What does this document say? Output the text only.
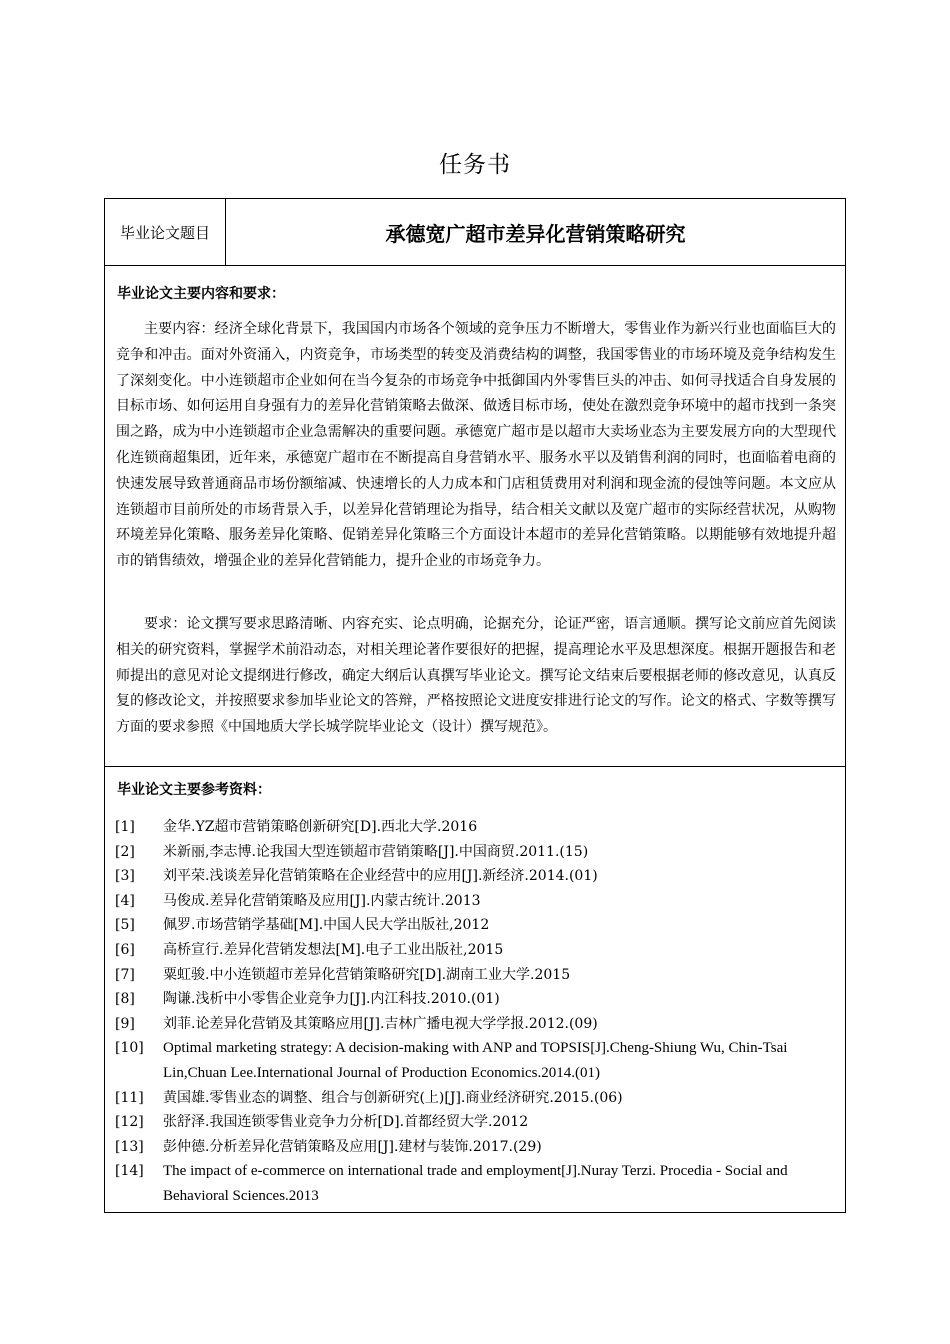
任务书
毕业论文题目	承德宽广超市差异化营销策略研究
毕业论文主要内容和要求：

主要内容：经济全球化背景下，我国国内市场各个领域的竞争压力不断增大，零售业作为新兴行业也面临巨大的竞争和冲击。面对外资涌入，内资竞争，市场类型的转变及消费结构的调整，我国零售业的市场环境及竞争结构发生了深刻变化。中小连锁超市企业如何在当今复杂的市场竞争中抵御国内外零售巨头的冲击、如何寻找适合自身发展的目标市场、如何运用自身强有力的差异化营销策略去做深、做透目标市场，使处在激烈竞争环境中的超市找到一条突围之路，成为中小连锁超市企业急需解决的重要问题。承德宽广超市是以超市大卖场业态为主要发展方向的大型现代化连锁商超集团，近年来，承德宽广超市在不断提高自身营销水平、服务水平以及销售利润的同时，也面临着电商的快速发展导致普通商品市场份额缩减、快速增长的人力成本和门店租赁费用对利润和现金流的侵蚀等问题。本文应从连锁超市目前所处的市场背景入手，以差异化营销理论为指导，结合相关文献以及宽广超市的实际经营状况，从购物环境差异化策略、服务差异化策略、促销差异化策略三个方面设计本超市的差异化营销策略。以期能够有效地提升超市的销售绩效，增强企业的差异化营销能力，提升企业的市场竞争力。

要求：论文撰写要求思路清晰、内容充实、论点明确，论据充分，论证严密，语言通顺。撰写论文前应首先阅读相关的研究资料，掌握学术前沿动态，对相关理论著作要很好的把握，提高理论水平及思想深度。根据开题报告和老师提出的意见对论文提纲进行修改，确定大纲后认真撰写毕业论文。撰写论文结束后要根据老师的修改意见，认真反复的修改论文，并按照要求参加毕业论文的答辩，严格按照论文进度安排进行论文的写作。论文的格式、字数等撰写方面的要求参照《中国地质大学长城学院毕业论文（设计）撰写规范》。

毕业论文主要参考资料：
[1]	金华.YZ超市营销策略创新研究[D].西北大学.2016
[2]	米新丽,李志博.论我国大型连锁超市营销策略[J].中国商贸.2011.(15)
[3]	刘平荣.浅谈差异化营销策略在企业经营中的应用[J].新经济.2014.(01)
[4]	马俊成.差异化营销策略及应用[J].内蒙古统计.2013
[5]	佩罗.市场营销学基础[M].中国人民大学出版社,2012
[6]	高桥宣行.差异化营销发想法[M].电子工业出版社,2015
[7]	粟虹骏.中小连锁超市差异化营销策略研究[D].湖南工业大学.2015
[8]	陶谦.浅析中小零售企业竞争力[J].内江科技.2010.(01)
[9]	刘菲.论差异化营销及其策略应用[J].吉林广播电视大学学报.2012.(09)
[10]	Optimal marketing strategy: A decision-making with ANP and TOPSIS[J].Cheng-Shiung Wu, Chin-Tsai Lin,Chuan Lee.International Journal of Production Economics.2014.(01)
[11]	黄国雄.零售业态的调整、组合与创新研究(上)[J].商业经济研究.2015.(06)
[12]	张舒泽.我国连锁零售业竞争力分析[D].首都经贸大学.2012
[13]	彭仲德.分析差异化营销策略及应用[J].建材与装饰.2017.(29)
[14]	The impact of e-commerce on international trade and employment[J].Nuray Terzi. Procedia - Social and Behavioral Sciences.2013
